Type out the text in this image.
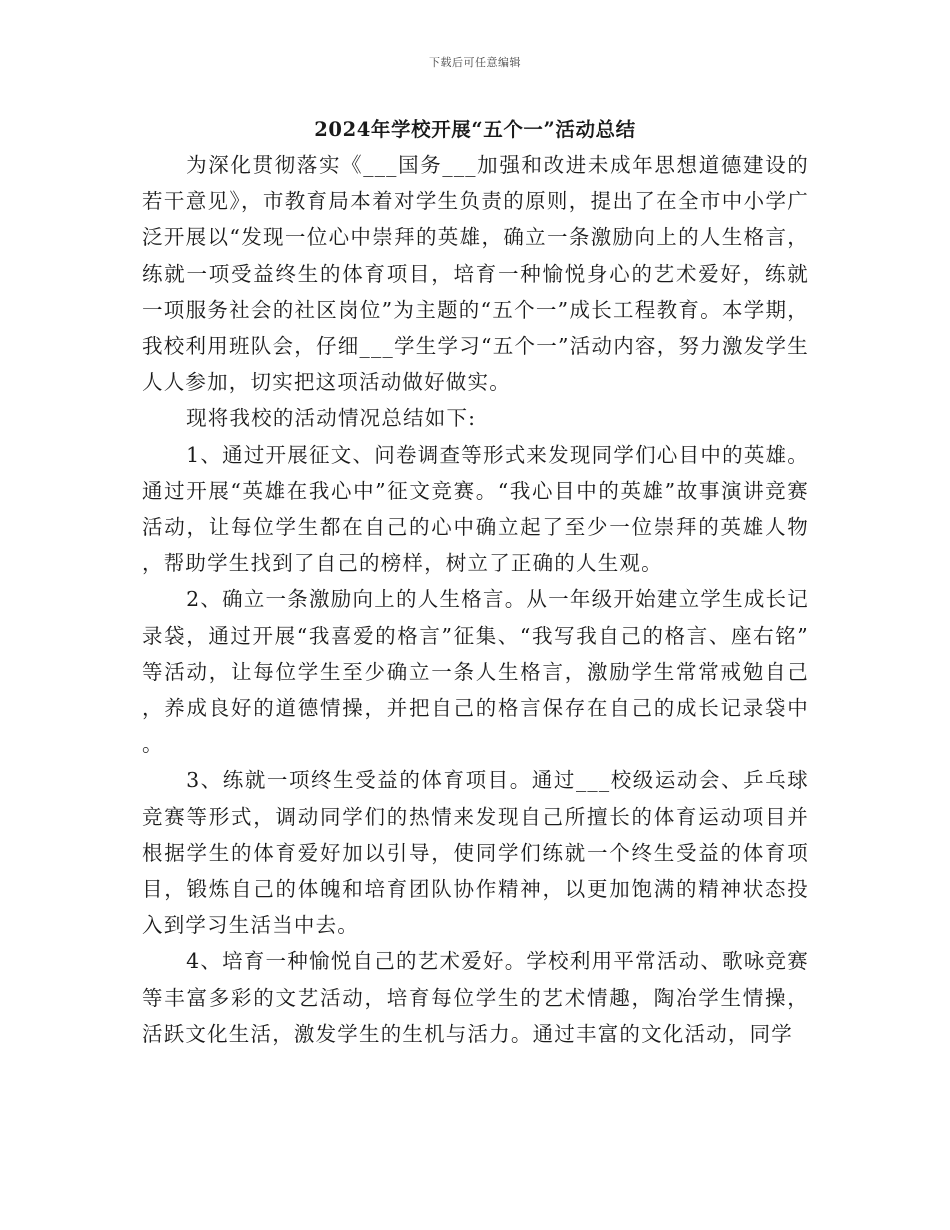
下载后可任意编辑
2024年学校开展“五个一”活动总结

为深化贯彻落实《___国务___加强和改进未成年思想道德建设的若干意见》，市教育局本着对学生负责的原则，提出了在全市中小学广泛开展以“发现一位心中崇拜的英雄，确立一条激励向上的人生格言，练就一项受益终生的体育项目，培育一种愉悦身心的艺术爱好，练就一项服务社会的社区岗位”为主题的“五个一”成长工程教育。本学期，我校利用班队会，仔细___学生学习“五个一”活动内容，努力激发学生人人参加，切实把这项活动做好做实。

现将我校的活动情况总结如下:

1、通过开展征文、问卷调查等形式来发现同学们心目中的英雄。通过开展“英雄在我心中”征文竞赛。“我心目中的英雄”故事演讲竞赛活动，让每位学生都在自己的心中确立起了至少一位崇拜的英雄人物，帮助学生找到了自己的榜样，树立了正确的人生观。

2、确立一条激励向上的人生格言。从一年级开始建立学生成长记录袋，通过开展“我喜爱的格言”征集、“我写我自己的格言、座右铭”等活动，让每位学生至少确立一条人生格言，激励学生常常戒勉自己，养成良好的道德情操，并把自己的格言保存在自己的成长记录袋中。

3、练就一项终生受益的体育项目。通过___校级运动会、乒乓球竞赛等形式，调动同学们的热情来发现自己所擅长的体育运动项目并根据学生的体育爱好加以引导，使同学们练就一个终生受益的体育项目，锻炼自己的体魄和培育团队协作精神，以更加饱满的精神状态投入到学习生活当中去。

4、培育一种愉悦自己的艺术爱好。学校利用平常活动、歌咏竞赛等丰富多彩的文艺活动，培育每位学生的艺术情趣，陶冶学生情操，活跃文化生活，激发学生的生机与活力。通过丰富的文化活动，同学
